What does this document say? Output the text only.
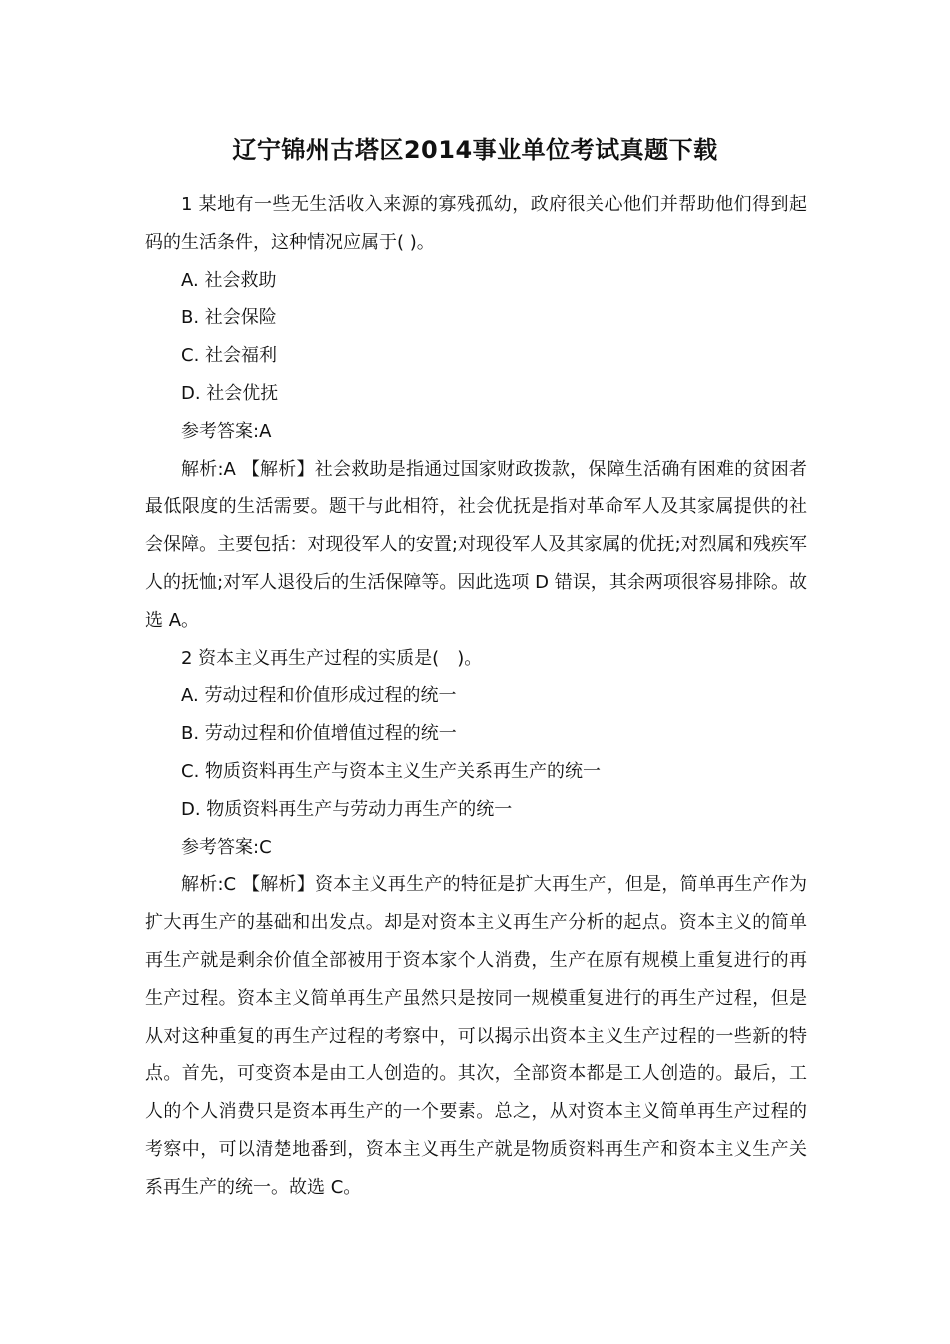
辽宁锦州古塔区2014事业单位考试真题下载

1 某地有一些无生活收入来源的寡残孤幼，政府很关心他们并帮助他们得到起码的生活条件，这种情况应属于( )。

A. 社会救助

B. 社会保险

C. 社会福利

D. 社会优抚

参考答案:A

解析:A 【解析】社会救助是指通过国家财政拨款，保障生活确有困难的贫困者最低限度的生活需要。题干与此相符，社会优抚是指对革命军人及其家属提供的社会保障。主要包括：对现役军人的安置;对现役军人及其家属的优抚;对烈属和残疾军人的抚恤;对军人退役后的生活保障等。因此选项 D 错误，其余两项很容易排除。故选 A。

2 资本主义再生产过程的实质是(　)。

A. 劳动过程和价值形成过程的统一

B. 劳动过程和价值增值过程的统一

C. 物质资料再生产与资本主义生产关系再生产的统一

D. 物质资料再生产与劳动力再生产的统一

参考答案:C

解析:C 【解析】资本主义再生产的特征是扩大再生产，但是，简单再生产作为扩大再生产的基础和出发点。却是对资本主义再生产分析的起点。资本主义的简单再生产就是剩余价值全部被用于资本家个人消费，生产在原有规模上重复进行的再生产过程。资本主义简单再生产虽然只是按同一规模重复进行的再生产过程，但是从对这种重复的再生产过程的考察中，可以揭示出资本主义生产过程的一些新的特点。首先，可变资本是由工人创造的。其次，全部资本都是工人创造的。最后，工人的个人消费只是资本再生产的一个要素。总之，从对资本主义简单再生产过程的考察中，可以清楚地番到，资本主义再生产就是物质资料再生产和资本主义生产关系再生产的统一。故选 C。
